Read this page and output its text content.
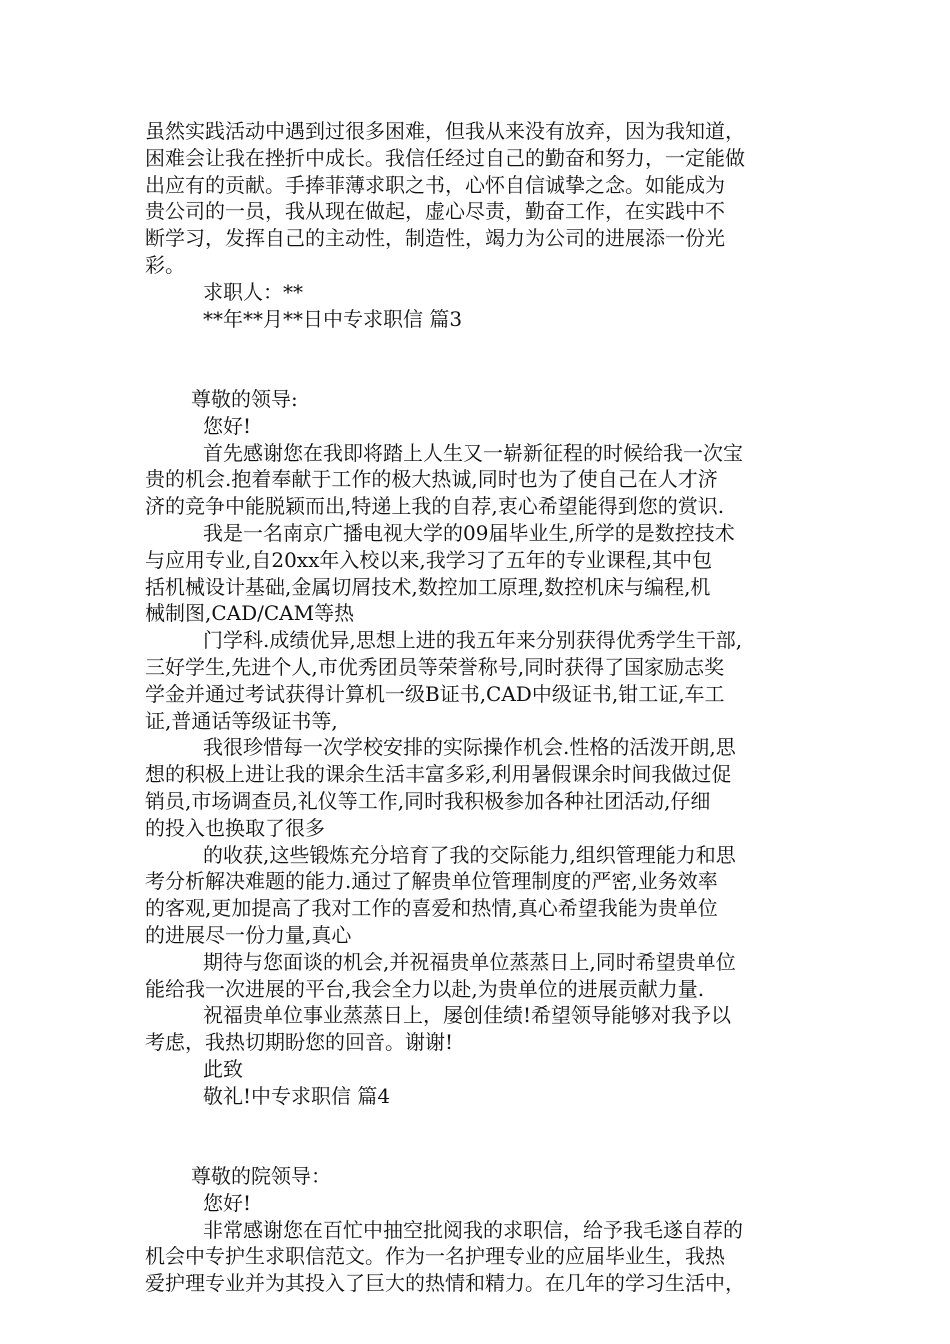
虽然实践活动中遇到过很多困难，但我从来没有放弃，因为我知道，
困难会让我在挫折中成长。我信任经过自己的勤奋和努力，一定能做
出应有的贡献。手捧菲薄求职之书，心怀自信诚挚之念。如能成为
贵公司的一员，我从现在做起，虚心尽责，勤奋工作，在实践中不
断学习，发挥自己的主动性，制造性，竭力为公司的进展添一份光
彩。
求职人：**
**年**月**日中专求职信 篇3
尊敬的领导:
您好!
首先感谢您在我即将踏上人生又一崭新征程的时候给我一次宝
贵的机会.抱着奉献于工作的极大热诚,同时也为了使自己在人才济
济的竞争中能脱颖而出,特递上我的自荐,衷心希望能得到您的赏识.
我是一名南京广播电视大学的09届毕业生,所学的是数控技术
与应用专业,自20xx年入校以来,我学习了五年的专业课程,其中包
括机械设计基础,金属切屑技术,数控加工原理,数控机床与编程,机
械制图,CAD/CAM等热
门学科.成绩优异,思想上进的我五年来分别获得优秀学生干部,
三好学生,先进个人,市优秀团员等荣誉称号,同时获得了国家励志奖
学金并通过考试获得计算机一级B证书,CAD中级证书,钳工证,车工
证,普通话等级证书等,
我很珍惜每一次学校安排的实际操作机会.性格的活泼开朗,思
想的积极上进让我的课余生活丰富多彩,利用暑假课余时间我做过促
销员,市场调查员,礼仪等工作,同时我积极参加各种社团活动,仔细
的投入也换取了很多
的收获,这些锻炼充分培育了我的交际能力,组织管理能力和思
考分析解决难题的能力.通过了解贵单位管理制度的严密,业务效率
的客观,更加提高了我对工作的喜爱和热情,真心希望我能为贵单位
的进展尽一份力量,真心
期待与您面谈的机会,并祝福贵单位蒸蒸日上,同时希望贵单位
能给我一次进展的平台,我会全力以赴,为贵单位的进展贡献力量.
祝福贵单位事业蒸蒸日上，屡创佳绩!希望领导能够对我予以
考虑，我热切期盼您的回音。谢谢!
此致
敬礼!中专求职信 篇4
尊敬的院领导：
您好!
非常感谢您在百忙中抽空批阅我的求职信，给予我毛遂自荐的
机会中专护生求职信范文。作为一名护理专业的应届毕业生，我热
爱护理专业并为其投入了巨大的热情和精力。在几年的学习生活中，
